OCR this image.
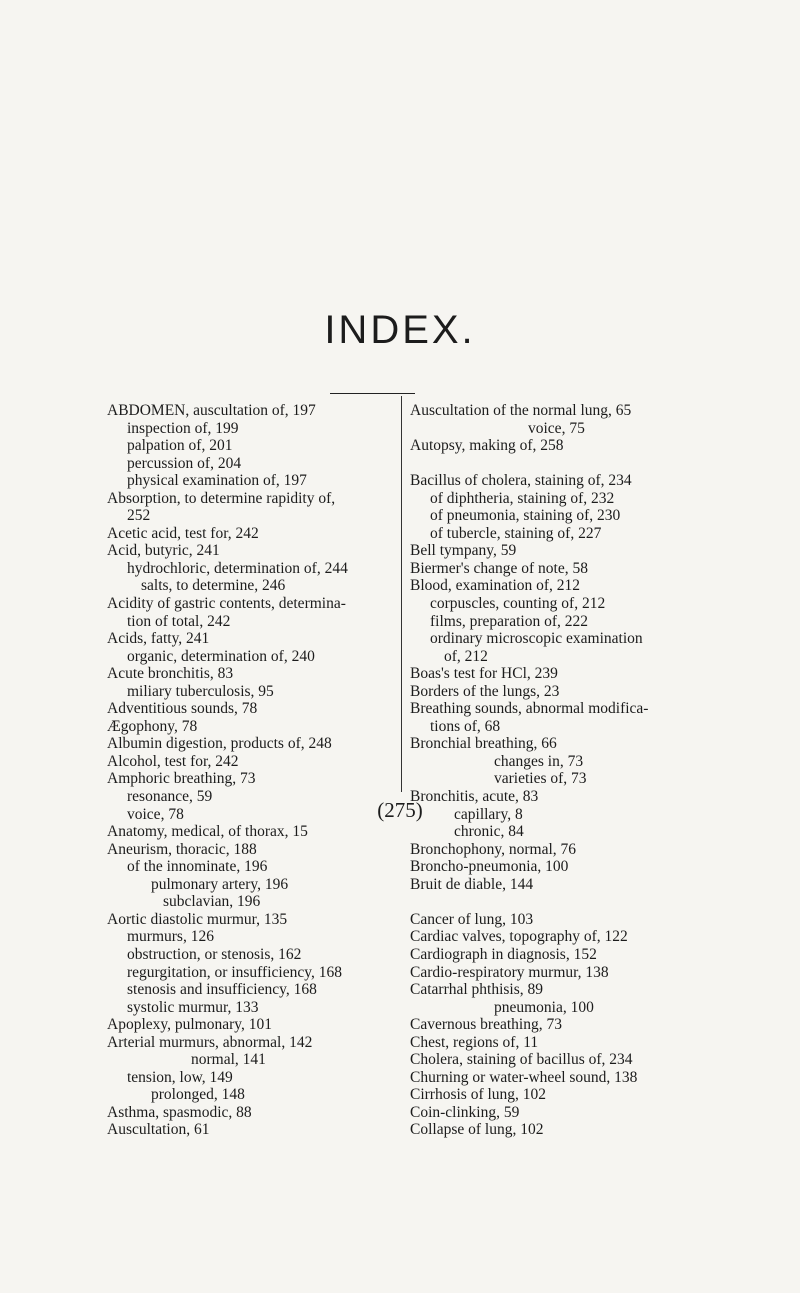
INDEX.
ABDOMEN, auscultation of, 197
inspection of, 199
palpation of, 201
percussion of, 204
physical examination of, 197
Absorption, to determine rapidity of,
252
Acetic acid, test for, 242
Acid, butyric, 241
hydrochloric, determination of, 244
salts, to determine, 246
Acidity of gastric contents, determina-
tion of total, 242
Acids, fatty, 241
organic, determination of, 240
Acute bronchitis, 83
miliary tuberculosis, 95
Adventitious sounds, 78
Ægophony, 78
Albumin digestion, products of, 248
Alcohol, test for, 242
Amphoric breathing, 73
resonance, 59
voice, 78
Anatomy, medical, of thorax, 15
Aneurism, thoracic, 188
of the innominate, 196
pulmonary artery, 196
subclavian, 196
Aortic diastolic murmur, 135
murmurs, 126
obstruction, or stenosis, 162
regurgitation, or insufficiency, 168
stenosis and insufficiency, 168
systolic murmur, 133
Apoplexy, pulmonary, 101
Arterial murmurs, abnormal, 142
normal, 141
tension, low, 149
prolonged, 148
Asthma, spasmodic, 88
Auscultation, 61
Auscultation of the normal lung, 65
voice, 75
Autopsy, making of, 258
Bacillus of cholera, staining of, 234
of diphtheria, staining of, 232
of pneumonia, staining of, 230
of tubercle, staining of, 227
Bell tympany, 59
Biermer's change of note, 58
Blood, examination of, 212
corpuscles, counting of, 212
films, preparation of, 222
ordinary microscopic examination
of, 212
Boas's test for HCl, 239
Borders of the lungs, 23
Breathing sounds, abnormal modifica-
tions of, 68
Bronchial breathing, 66
changes in, 73
varieties of, 73
Bronchitis, acute, 83
capillary, 8
chronic, 84
Bronchophony, normal, 76
Broncho-pneumonia, 100
Bruit de diable, 144
Cancer of lung, 103
Cardiac valves, topography of, 122
Cardiograph in diagnosis, 152
Cardio-respiratory murmur, 138
Catarrhal phthisis, 89
pneumonia, 100
Cavernous breathing, 73
Chest, regions of, 11
Cholera, staining of bacillus of, 234
Churning or water-wheel sound, 138
Cirrhosis of lung, 102
Coin-clinking, 59
Collapse of lung, 102
(275)
